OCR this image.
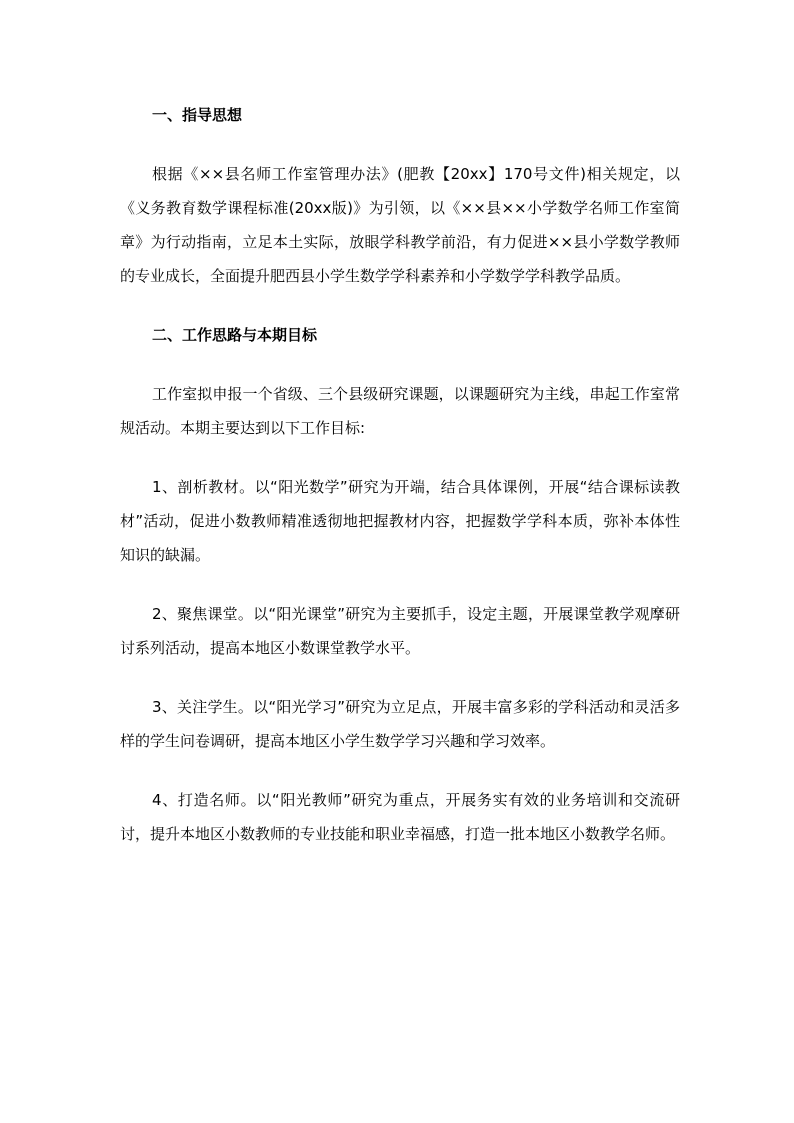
一、指导思想

根据《××县名师工作室管理办法》(肥教【20xx】170号文件)相关规定，以《义务教育数学课程标准(20xx版)》为引领，以《××县××小学数学名师工作室简章》为行动指南，立足本土实际，放眼学科教学前沿，有力促进××县小学数学教师的专业成长，全面提升肥西县小学生数学学科素养和小学数学学科教学品质。

二、工作思路与本期目标

工作室拟申报一个省级、三个县级研究课题，以课题研究为主线，串起工作室常规活动。本期主要达到以下工作目标:

1、剖析教材。以“阳光数学”研究为开端，结合具体课例，开展“结合课标读教材”活动，促进小数教师精准透彻地把握教材内容，把握数学学科本质，弥补本体性知识的缺漏。

2、聚焦课堂。以“阳光课堂”研究为主要抓手，设定主题，开展课堂教学观摩研讨系列活动，提高本地区小数课堂教学水平。

3、关注学生。以“阳光学习”研究为立足点，开展丰富多彩的学科活动和灵活多样的学生问卷调研，提高本地区小学生数学学习兴趣和学习效率。

4、打造名师。以“阳光教师”研究为重点，开展务实有效的业务培训和交流研讨，提升本地区小数教师的专业技能和职业幸福感，打造一批本地区小数教学名师。
